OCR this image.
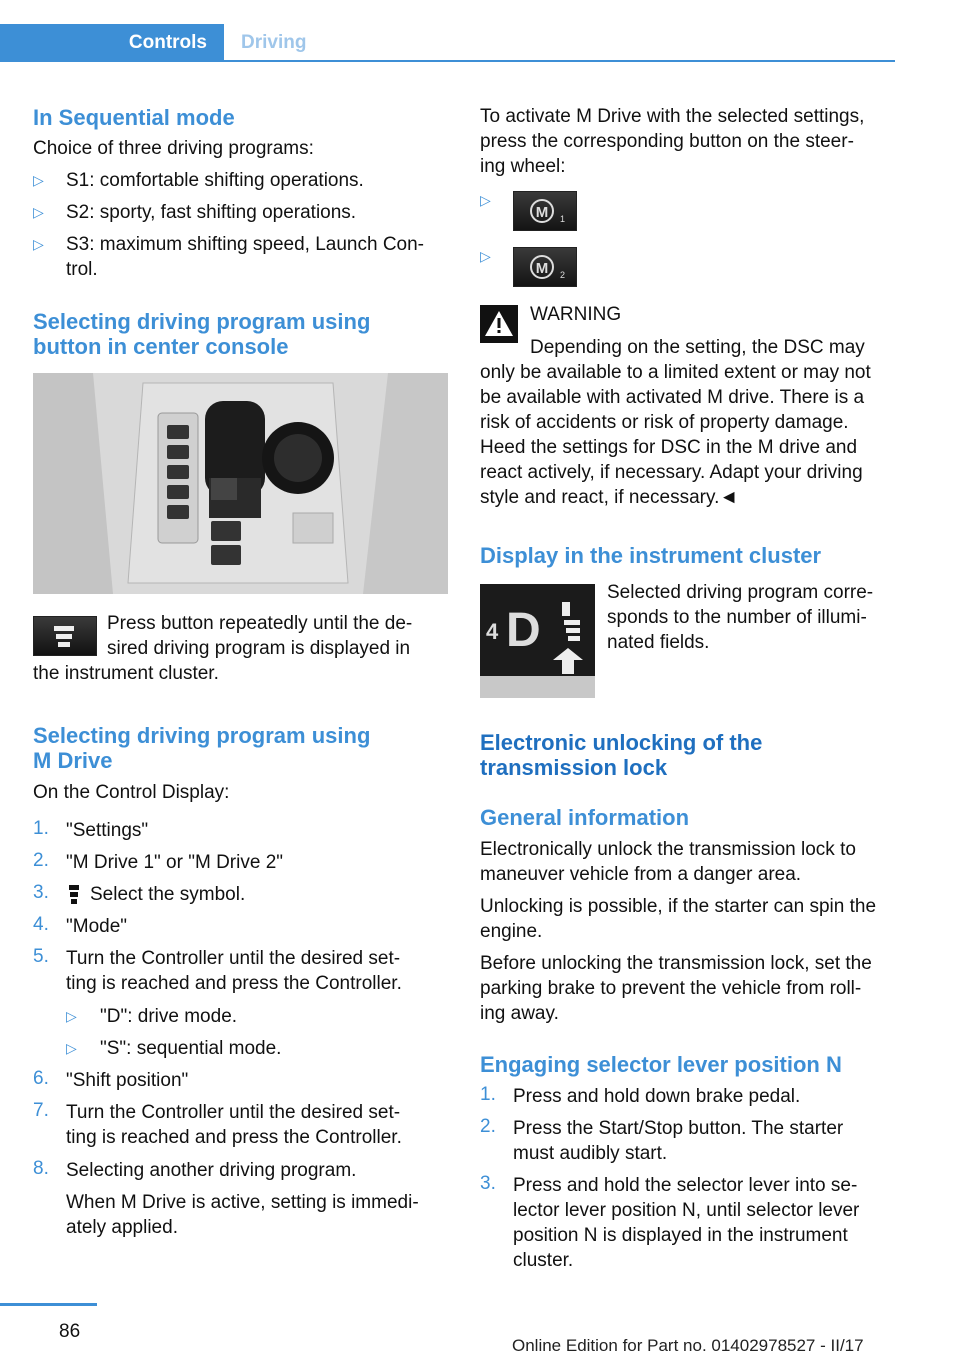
Controls Driving
In Sequential mode
Choice of three driving programs:
▷ S1: comfortable shifting operations.
▷ S2: sporty, fast shifting operations.
▷ S3: maximum shifting speed, Launch Con-
trol.
Selecting driving program using
button in center console
Press button repeatedly until the de-
sired driving program is displayed in
the instrument cluster.
Selecting driving program using
M Drive
On the Control Display:
1. "Settings"
2. "M Drive 1" or "M Drive 2"
3. Select the symbol.
4. "Mode"
5. Turn the Controller until the desired set-
ting is reached and press the Controller.
▷ "D": drive mode.
▷ "S": sequential mode.
6. "Shift position"
7. Turn the Controller until the desired set-
ting is reached and press the Controller.
8. Selecting another driving program.
When M Drive is active, setting is immedi-
ately applied.
To activate M Drive with the selected settings,
press the corresponding button on the steer-
ing wheel:
▷
M 1
▷
M 2
WARNING
Depending on the setting, the DSC may
only be available to a limited extent or may not
be available with activated M drive. There is a
risk of accidents or risk of property damage.
Heed the settings for DSC in the M drive and
react actively, if necessary. Adapt your driving
style and react, if necessary.◄
Display in the instrument cluster
4 D
Selected driving program corre-
sponds to the number of illumi-
nated fields.
Electronic unlocking of the
transmission lock
General information
Electronically unlock the transmission lock to
maneuver vehicle from a danger area.
Unlocking is possible, if the starter can spin the
engine.
Before unlocking the transmission lock, set the
parking brake to prevent the vehicle from roll-
ing away.
Engaging selector lever position N
1. Press and hold down brake pedal.
2. Press the Start/Stop button. The starter
must audibly start.
3. Press and hold the selector lever into se-
lector lever position N, until selector lever
position N is displayed in the instrument
cluster.
86
Online Edition for Part no. 01402978527 - II/17
